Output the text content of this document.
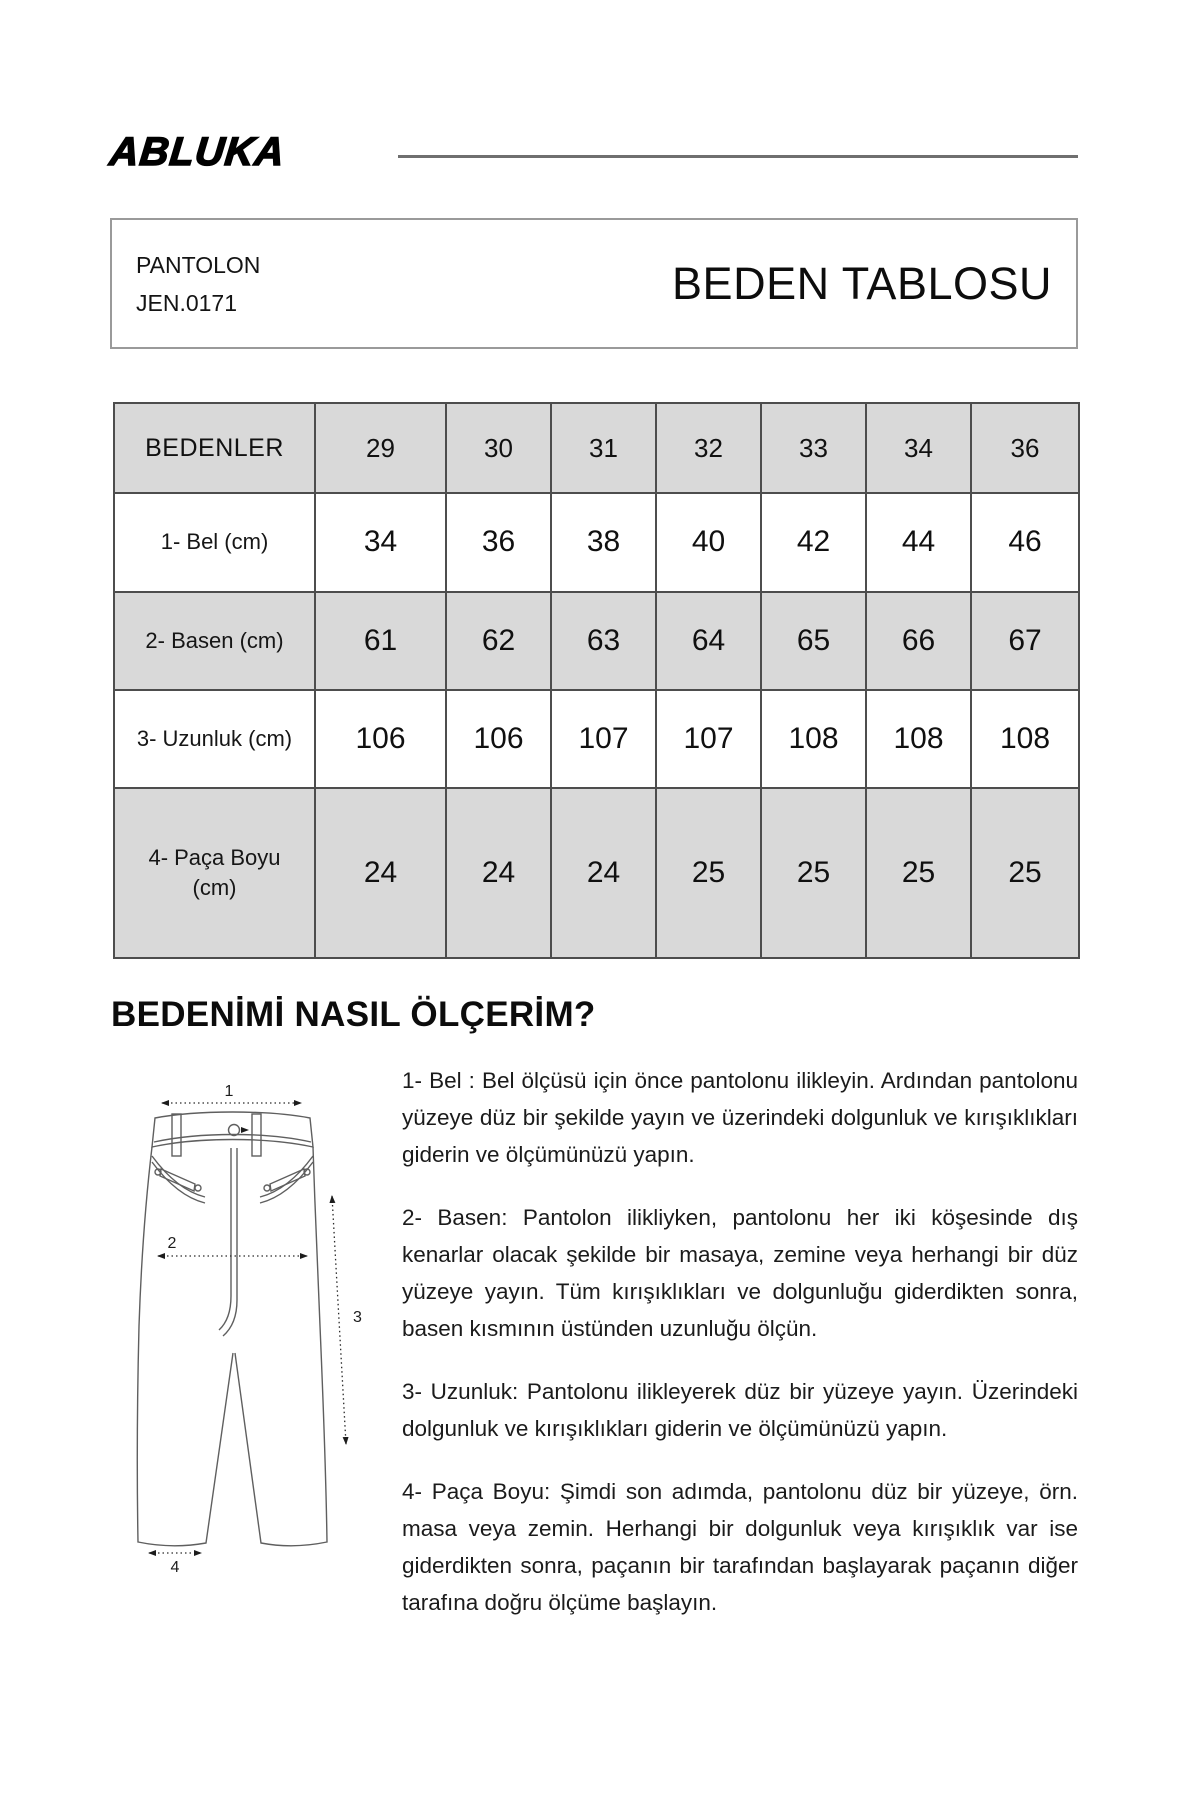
ABLUKA
PANTOLON
JEN.0171	BEDEN TABLOSU
BEDENLER	29	30	31	32	33	34	36
1- Bel (cm)	34	36	38	40	42	44	46
2- Basen (cm)	61	62	63	64	65	66	67
3- Uzunluk (cm)	106	106	107	107	108	108	108

4- Paça Boyu
(cm)	24	24	24	25	25	25	25
BEDENİMİ NASIL ÖLÇERİM?
1
2
3
4

1- Bel : Bel ölçüsü için önce pantolonu ilikleyin. Ardından pantolonu yüzeye düz bir şekilde yayın ve üzerindeki dolgunluk ve kırışıklıkları giderin ve ölçümünüzü yapın.

2- Basen: Pantolon ilikliyken, pantolonu her iki köşesinde dış kenarlar olacak şekilde bir masaya, zemine veya herhangi bir düz yüzeye yayın. Tüm kırışıklıkları ve dolgunluğu giderdikten sonra, basen kısmının üstünden uzunluğu ölçün.

3- Uzunluk: Pantolonu ilikleyerek düz bir yüzeye yayın. Üzerindeki dolgunluk ve kırışıklıkları giderin ve ölçümünüzü yapın.

4- Paça Boyu: Şimdi son adımda, pantolonu düz bir yüzeye, örn. masa veya zemin. Herhangi bir dolgunluk veya kırışıklık var ise giderdikten sonra, paçanın bir tarafından başlayarak paçanın diğer tarafına doğru ölçüme başlayın.
